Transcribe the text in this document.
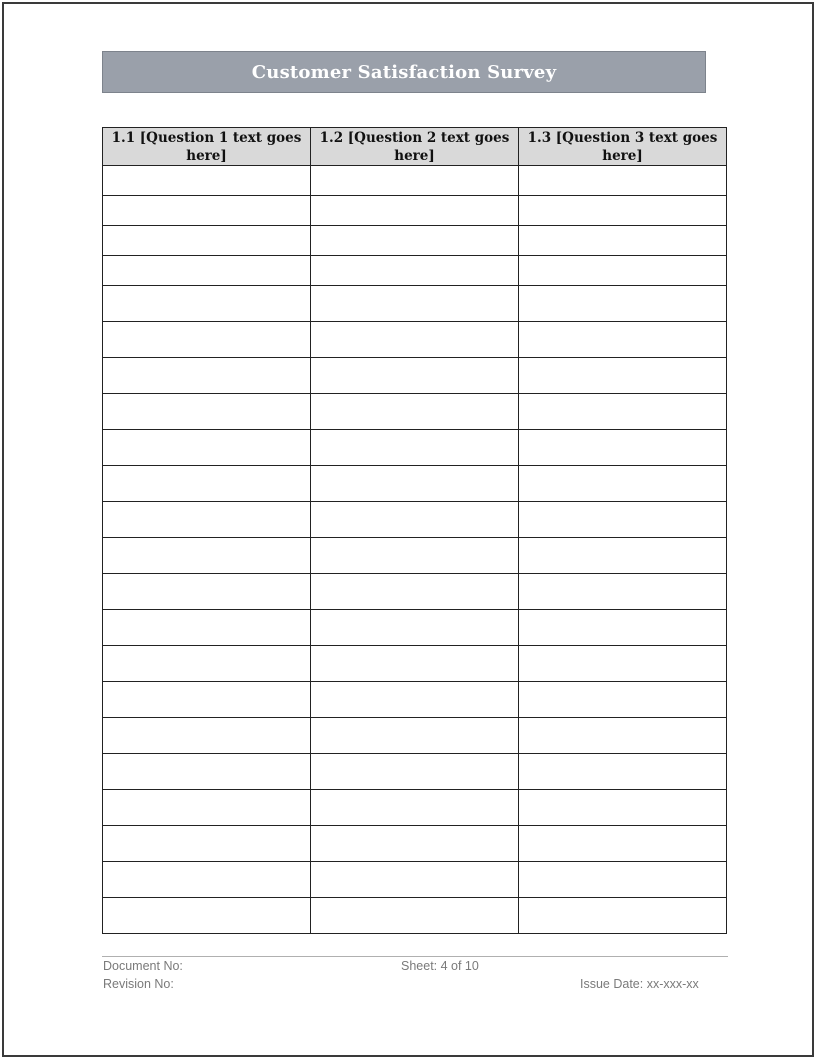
Customer Satisfaction Survey
1.1 [Question 1 text goes here]	1.2 [Question 2 text goes here]	1.3 [Question 3 text goes here]

Document No:	Sheet: 4 of 10
Revision No:	Issue Date: xx-xxx-xx
